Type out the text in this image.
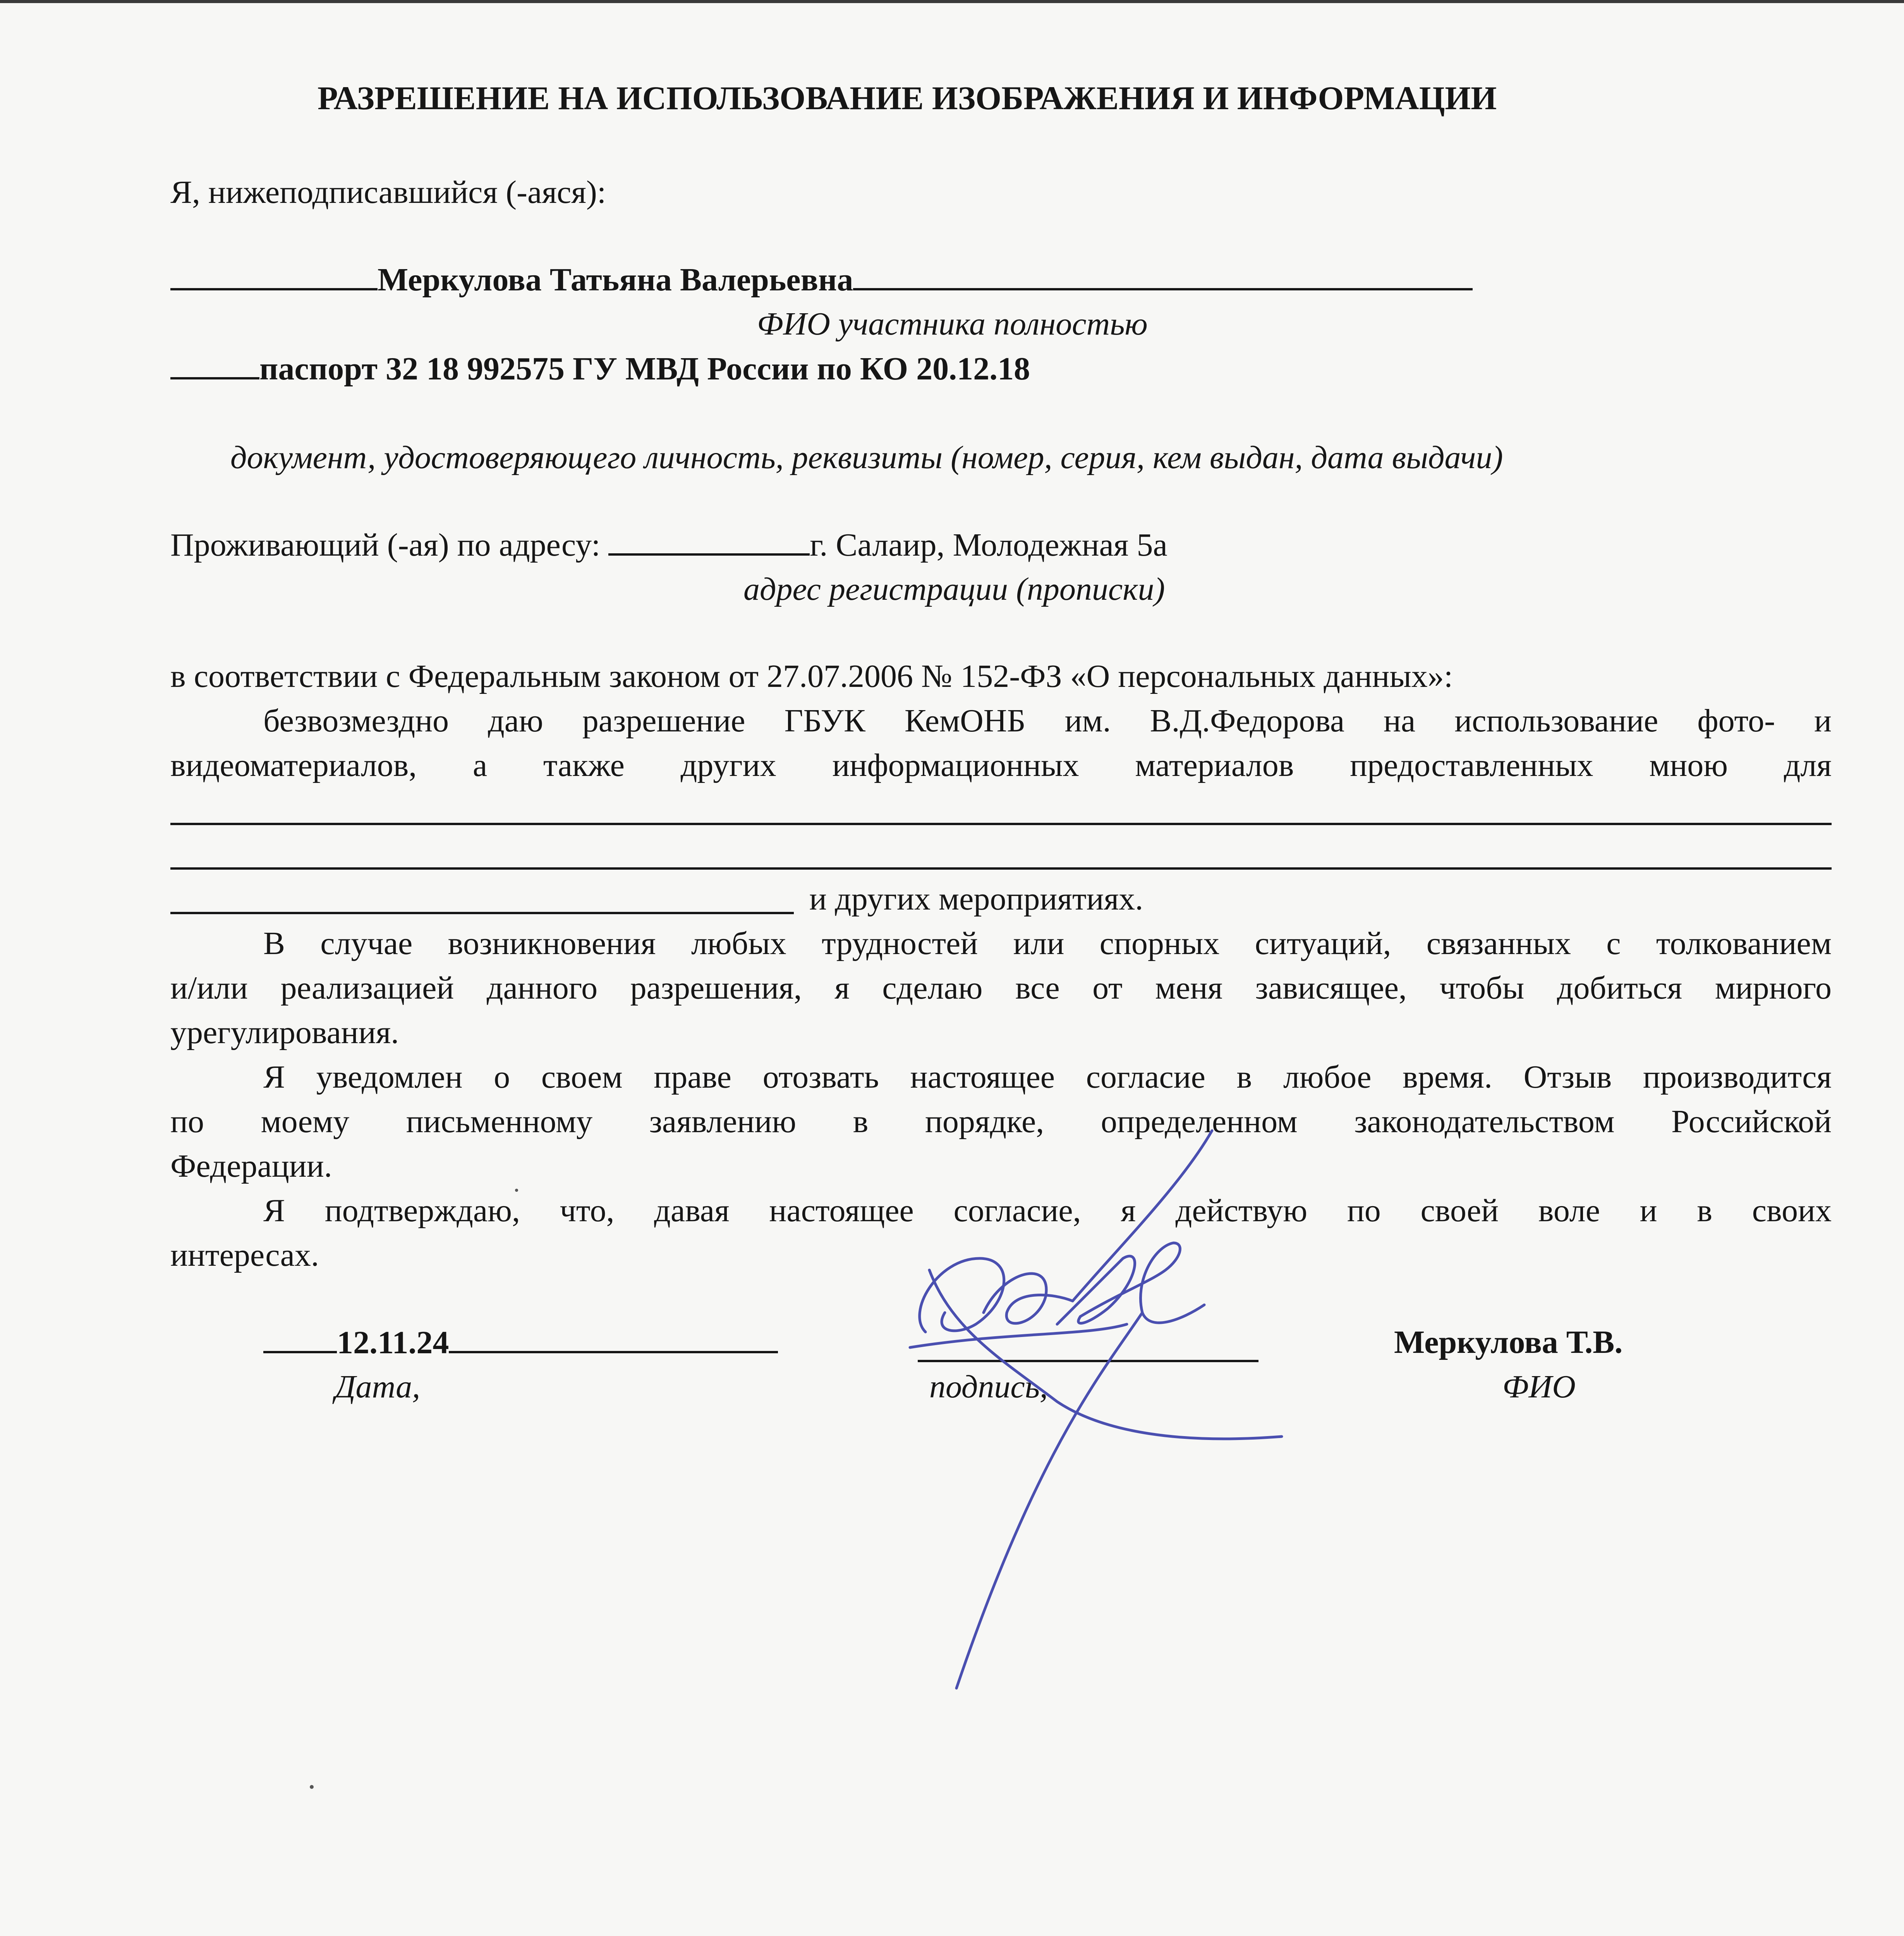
РАЗРЕШЕНИЕ НА ИСПОЛЬЗОВАНИЕ ИЗОБРАЖЕНИЯ И ИНФОРМАЦИИ
Я, нижеподписавшийся (-аяся):
Меркулова Татьяна Валерьевна
ФИО участника полностью
паспорт 32 18 992575 ГУ МВД России по КО 20.12.18
документ, удостоверяющего личность, реквизиты (номер, серия, кем выдан, дата выдачи)
Проживающий (-ая) по адресу:	г. Салаир, Молодежная 5а
адрес регистрации (прописки)
в соответствии с Федеральным законом от 27.07.2006 № 152-ФЗ «О персональных данных»:
безвозмездно даю разрешение ГБУК КемОНБ им. В.Д.Федорова на использование фото- и
видеоматериалов, а также других информационных материалов предоставленных мною для
и других мероприятиях.
В случае возникновения любых трудностей или спорных ситуаций, связанных с толкованием
и/или реализацией данного разрешения, я сделаю все от меня зависящее, чтобы добиться мирного
урегулирования.
Я уведомлен о своем праве отозвать настоящее согласие в любое время. Отзыв производится
по моему письменному заявлению в порядке, определенном законодательством Российской
Федерации.
Я подтверждаю, что, давая настоящее согласие, я действую по своей воле и в своих
интересах.
12.11.24
Дата,	подпись,
Меркулова Т.В.
ФИО
